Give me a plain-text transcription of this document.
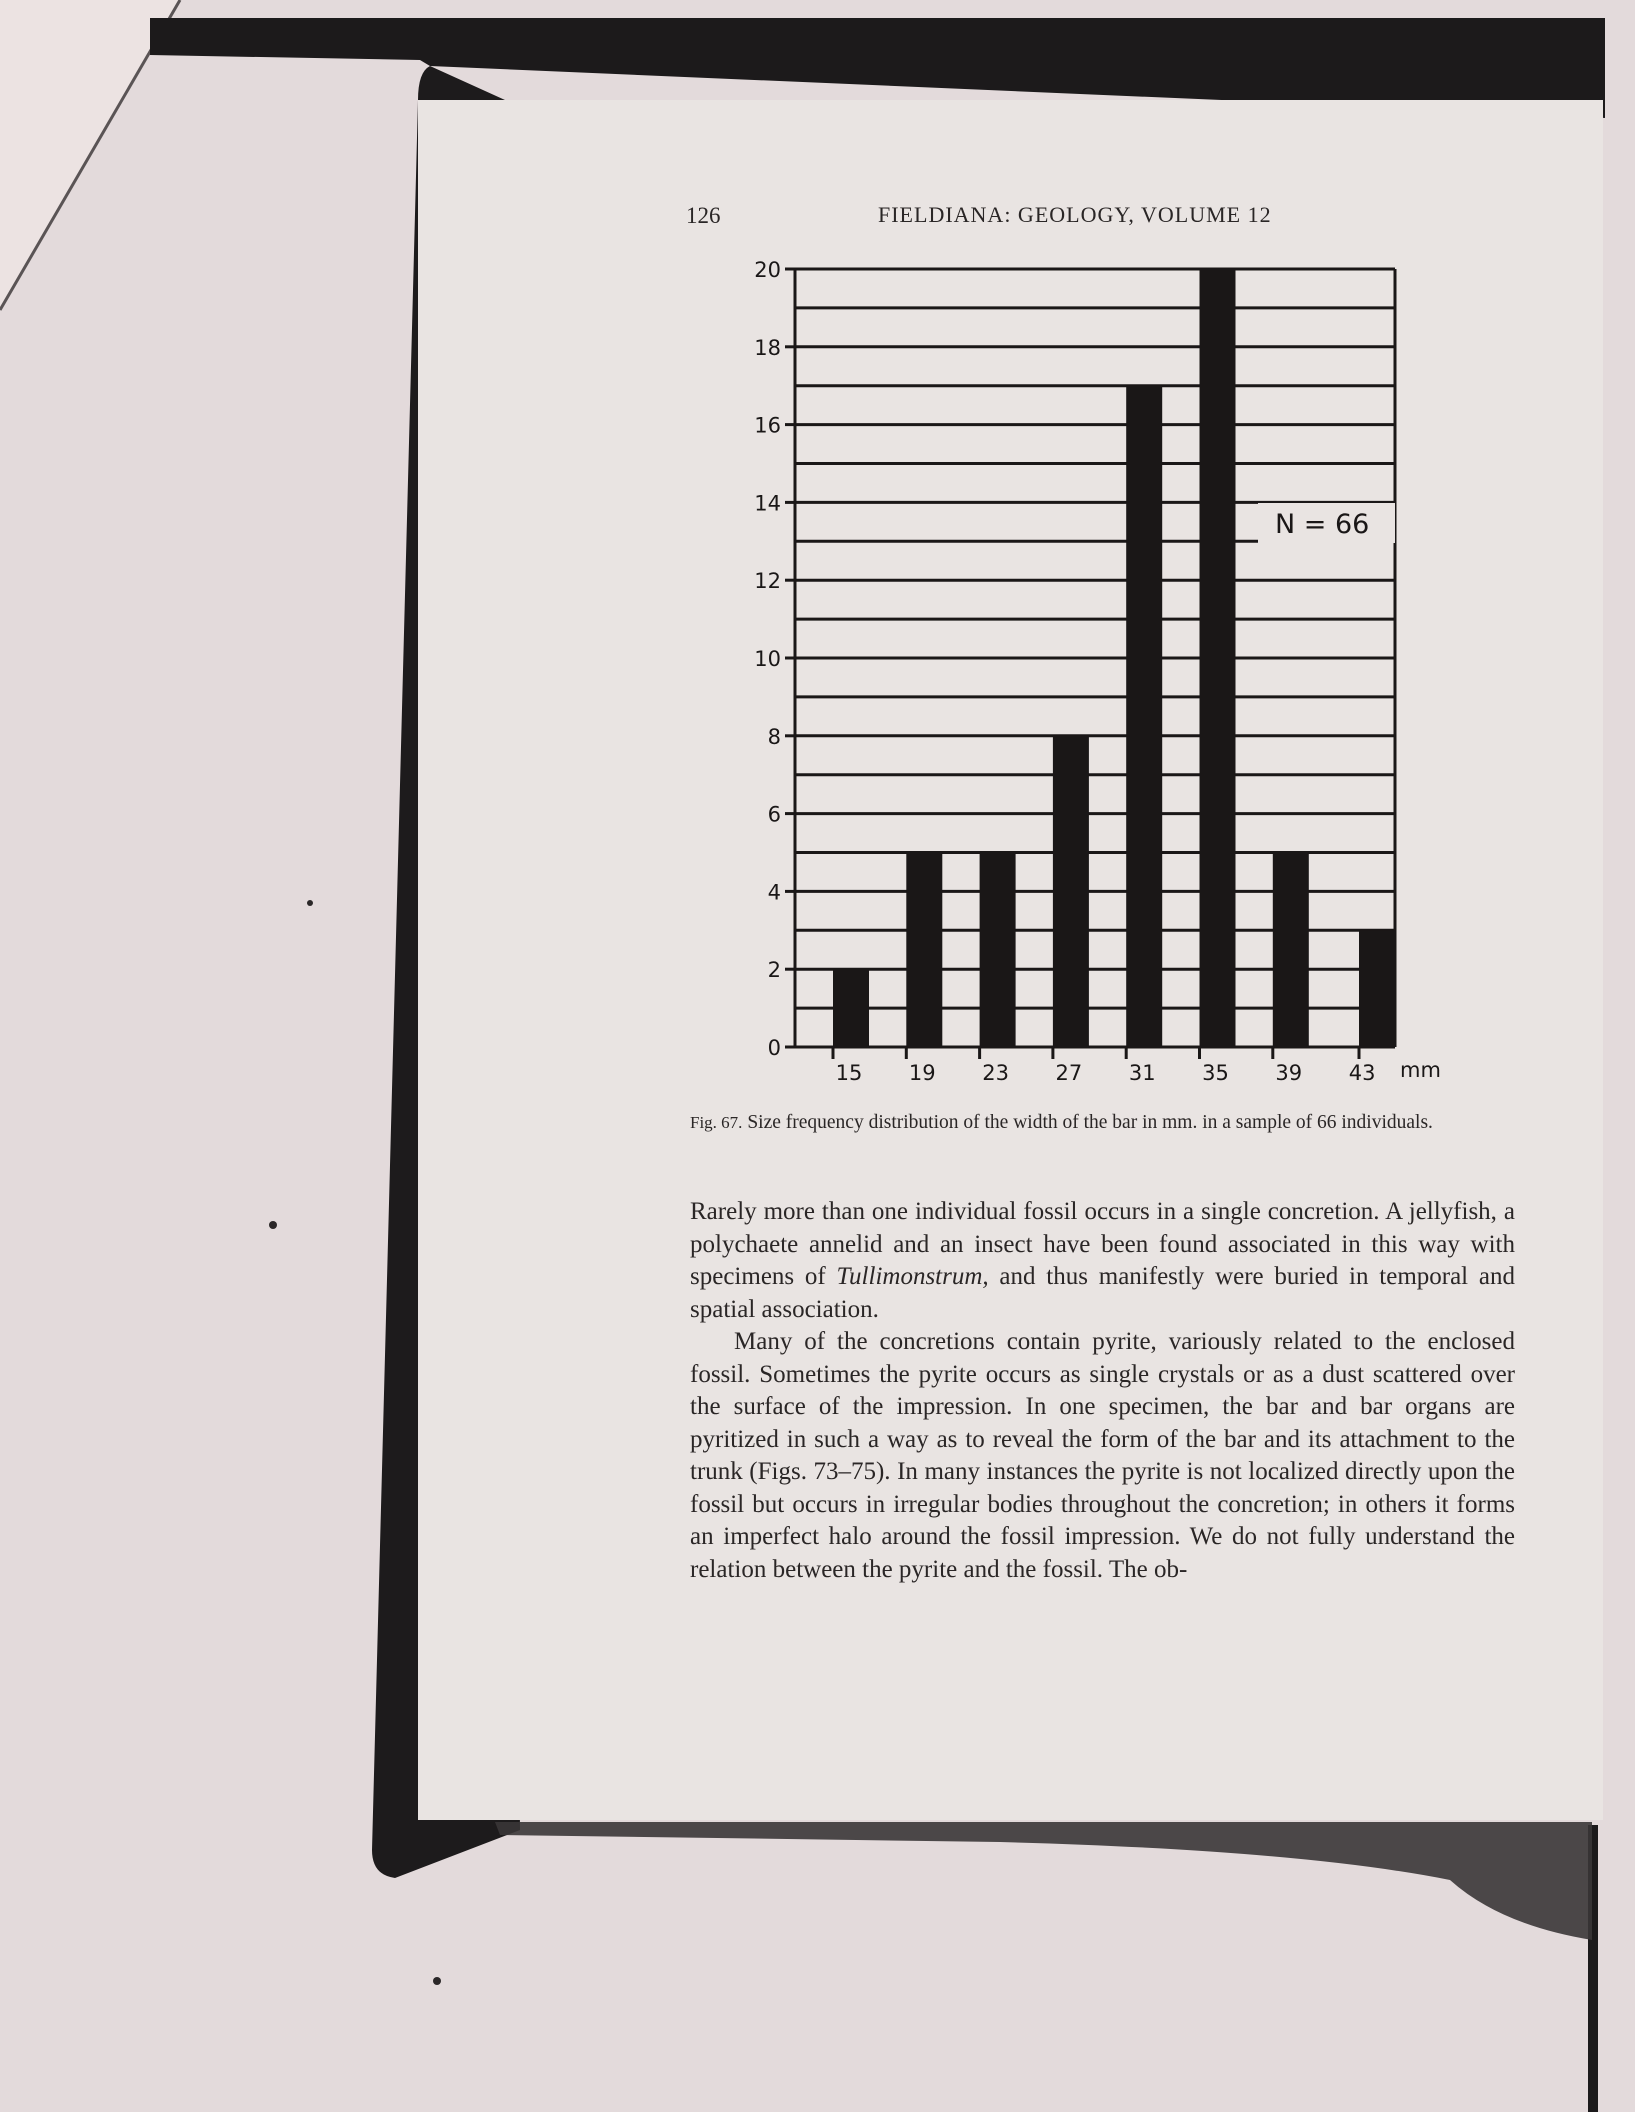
126	FIELDIANA: GEOLOGY, VOLUME 12
0
2
4
6
8
10
12
14
16
18
20
15 19 23 27 31 35 39 43 mm
N = 66
Fig. 67. Size frequency distribution of the width of the bar in mm. in a sample of 66 individuals.

Rarely more than one individual fossil occurs in a single concretion. A jellyfish, a polychaete annelid and an insect have been found associated in this way with specimens of Tullimonstrum, and thus manifestly were buried in temporal and spatial association.

Many of the concretions contain pyrite, variously related to the enclosed fossil. Sometimes the pyrite occurs as single crystals or as a dust scattered over the surface of the impression. In one specimen, the bar and bar organs are pyritized in such a way as to reveal the form of the bar and its attachment to the trunk (Figs. 73–75). In many instances the pyrite is not localized directly upon the fossil but occurs in irregular bodies throughout the concretion; in others it forms an imperfect halo around the fossil impression. We do not fully understand the relation between the pyrite and the fossil. The ob-
